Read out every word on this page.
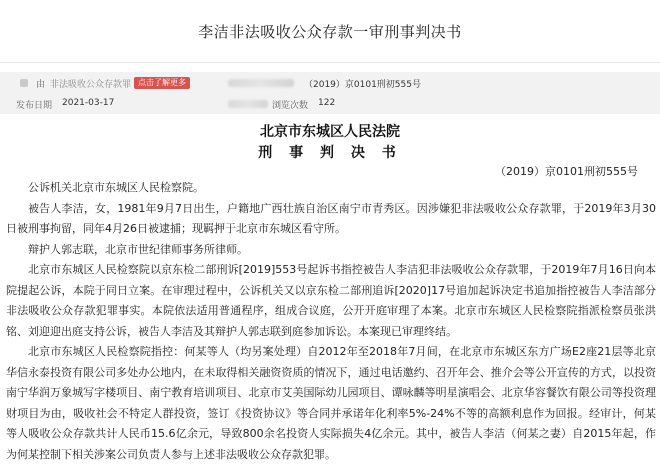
李洁非法吸收公众存款一审刑事判决书
由 非法吸收公众存款罪 点击了解更多	（2019）京0101刑初555号
发布日期 2021-03-17	浏览次数 122
北京市东城区人民法院
刑 事 判 决 书
（2019）京0101刑初555号

公诉机关北京市东城区人民检察院。

被告人李洁，女，1981年9月7日出生，户籍地广西壮族自治区南宁市青秀区。因涉嫌犯非法吸收公众存款罪，于2019年3月30日被刑事拘留，同年4月26日被逮捕；现羁押于北京市东城区看守所。

辩护人郭志联，北京市世纪律师事务所律师。

北京市东城区人民检察院以京东检二部刑诉[2019]553号起诉书指控被告人李洁犯非法吸收公众存款罪，于2019年7月16日向本院提起公诉，本院于同日立案。在审理过程中，公诉机关又以京东检二部刑追诉[2020]17号追加起诉决定书追加指控被告人李洁部分非法吸收公众存款犯罪事实。本院依法适用普通程序，组成合议庭，公开开庭审理了本案。北京市东城区人民检察院指派检察员张洪铭、刘迎迎出庭支持公诉，被告人李洁及其辩护人郭志联到庭参加诉讼。本案现已审理终结。

北京市东城区人民检察院指控：何某等人（均另案处理）自2012年至2018年7月间，在北京市东城区东方广场E2座21层等北京华信永泰投资有限公司多处办公地内，在未取得相关融资资质的情况下，通过电话邀约、召开年会、推介会等公开宣传的方式，以投资南宁华润万象城写字楼项目、南宁教育培训项目、北京市艾美国际幼儿园项目、谭咏麟等明星演唱会、北京华容餐饮有限公司等投资理财项目为由，吸收社会不特定人群投资，签订《投资协议》等合同并承诺年化利率5%-24%不等的高额利息作为回报。经审计，何某等人吸收公众存款共计人民币15.6亿余元，导致800余名投资人实际损失4亿余元。其中，被告人李洁（何某之妻）自2015年起，作为何某控制下相关涉案公司负责人参与上述非法吸收公众存款犯罪。
